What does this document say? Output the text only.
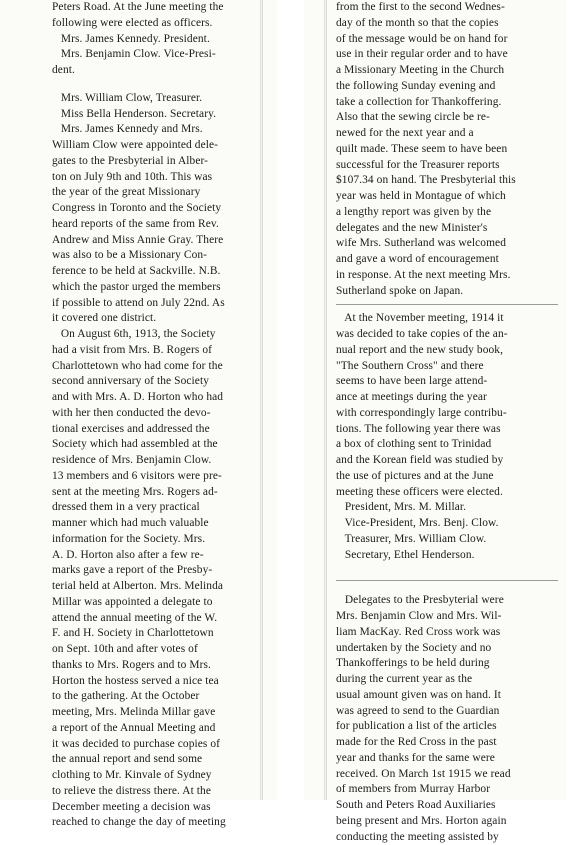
Peters Road. At the June meeting the
following were elected as officers.
Mrs. James Kennedy. President.
Mrs. Benjamin Clow. Vice-Presi-
dent.
Mrs. William Clow, Treasurer.
Miss Bella Henderson. Secretary.
Mrs. James Kennedy and Mrs.
William Clow were appointed dele-
gates to the Presbyterial in Alber-
ton on July 9th and 10th. This was
the year of the great Missionary
Congress in Toronto and the Society
heard reports of the same from Rev.
Andrew and Miss Annie Gray. There
was also to be a Missionary Con-
ference to be held at Sackville. N.B.
which the pastor urged the members
if possible to attend on July 22nd. As
it covered one district.
On August 6th, 1913, the Society
had a visit from Mrs. B. Rogers of
Charlottetown who had come for the
second anniversary of the Society
and with Mrs. A. D. Horton who had
with her then conducted the devo-
tional exercises and addressed the
Society which had assembled at the
residence of Mrs. Benjamin Clow.
13 members and 6 visitors were pre-
sent at the meeting Mrs. Rogers ad-
dressed them in a very practical
manner which had much valuable
information for the Society. Mrs.
A. D. Horton also after a few re-
marks gave a report of the Presby-
terial held at Alberton. Mrs. Melinda
Millar was appointed a delegate to
attend the annual meeting of the W.
F. and H. Society in Charlottetown
on Sept. 10th and after votes of
thanks to Mrs. Rogers and to Mrs.
Horton the hostess served a nice tea
to the gathering. At the October
meeting, Mrs. Melinda Millar gave
a report of the Annual Meeting and
it was decided to purchase copies of
the annual report and send some
clothing to Mr. Kinvale of Sydney
to relieve the distress there. At the
December meeting a decision was
reached to change the day of meeting
from the first to the second Wednes-
day of the month so that the copies
of the message would be on hand for
use in their regular order and to have
a Missionary Meeting in the Church
the following Sunday evening and
take a collection for Thankoffering.
Also that the sewing circle be re-
newed for the next year and a
quilt made. These seem to have been
successful for the Treasurer reports
$107.34 on hand. The Presbyterial this
year was held in Montague of which
a lengthy report was given by the
delegates and the new Minister's
wife Mrs. Sutherland was welcomed
and gave a word of encouragement
in response. At the next meeting Mrs.
Sutherland spoke on Japan.
At the November meeting, 1914 it
was decided to take copies of the an-
nual report and the new study book,
"The Southern Cross" and there
seems to have been large attend-
ance at meetings during the year
with correspondingly large contribu-
tions. The following year there was
a box of clothing sent to Trinidad
and the Korean field was studied by
the use of pictures and at the June
meeting these officers were elected.
President, Mrs. M. Millar.
Vice-President, Mrs. Benj. Clow.
Treasurer, Mrs. William Clow.
Secretary, Ethel Henderson.
Delegates to the Presbyterial were
Mrs. Benjamin Clow and Mrs. Wil-
liam MacKay. Red Cross work was
undertaken by the Society and no
Thankofferings to be held during
during the current year as the
usual amount given was on hand. It
was agreed to send to the Guardian
for publication a list of the articles
made for the Red Cross in the past
year and thanks for the same were
received. On March 1st 1915 we read
of members from Murray Harbor
South and Peters Road Auxiliaries
being present and Mrs. Horton again
conducting the meeting assisted by
